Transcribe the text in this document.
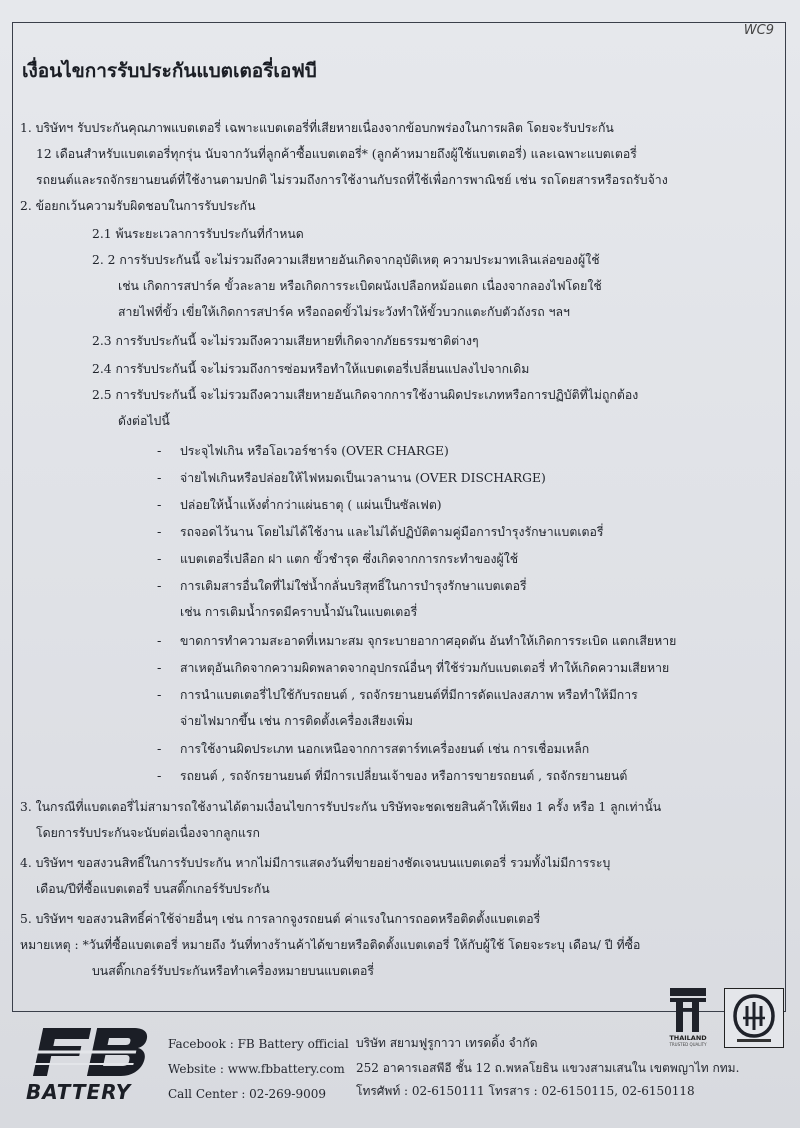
WC9
เงื่อนไขการรับประกันแบตเตอรี่เอฟบี
1. บริษัทฯ รับประกันคุณภาพแบตเตอรี่ เฉพาะแบตเตอรี่ที่เสียหายเนื่องจากข้อบกพร่องในการผลิต โดยจะรับประกัน
12 เดือนสำหรับแบตเตอรี่ทุกรุ่น นับจากวันที่ลูกค้าซื้อแบตเตอรี่* (ลูกค้าหมายถึงผู้ใช้แบตเตอรี่) และเฉพาะแบตเตอรี่
รถยนต์และรถจักรยานยนต์ที่ใช้งานตามปกติ ไม่รวมถึงการใช้งานกับรถที่ใช้เพื่อการพาณิชย์ เช่น รถโดยสารหรือรถรับจ้าง
2. ข้อยกเว้นความรับผิดชอบในการรับประกัน
2.1 พ้นระยะเวลาการรับประกันที่กำหนด
2. 2 การรับประกันนี้ จะไม่รวมถึงความเสียหายอันเกิดจากอุบัติเหตุ ความประมาทเลินเล่อของผู้ใช้
เช่น เกิดการสปาร์ค ขั้วละลาย หรือเกิดการระเบิดผนังเปลือกหม้อแตก เนื่องจากลองไฟโดยใช้
สายไฟที่ขั้ว เขี่ยให้เกิดการสปาร์ค หรือถอดขั้วไม่ระวังทำให้ขั้วบวกแตะกับตัวถังรถ ฯลฯ
2.3 การรับประกันนี้ จะไม่รวมถึงความเสียหายที่เกิดจากภัยธรรมชาติต่างๆ
2.4 การรับประกันนี้ จะไม่รวมถึงการซ่อมหรือทำให้แบตเตอรี่เปลี่ยนแปลงไปจากเดิม
2.5 การรับประกันนี้ จะไม่รวมถึงความเสียหายอันเกิดจากการใช้งานผิดประเภทหรือการปฏิบัติที่ไม่ถูกต้อง
ดังต่อไปนี้
- ประจุไฟเกิน หรือโอเวอร์ชาร์จ (OVER CHARGE)
- จ่ายไฟเกินหรือปล่อยให้ไฟหมดเป็นเวลานาน (OVER DISCHARGE)
- ปล่อยให้น้ำแห้งต่ำกว่าแผ่นธาตุ ( แผ่นเป็นซัลเฟต)
- รถจอดไว้นาน โดยไม่ได้ใช้งาน และไม่ได้ปฏิบัติตามคู่มือการบำรุงรักษาแบตเตอรี่
- แบตเตอรี่เปลือก ฝา แตก ขั้วชำรุด ซึ่งเกิดจากการกระทำของผู้ใช้
- การเติมสารอื่นใดที่ไม่ใช่น้ำกลั่นบริสุทธิ์ในการบำรุงรักษาแบตเตอรี่
เช่น การเติมน้ำกรดมีคราบน้ำมันในแบตเตอรี่
- ขาดการทำความสะอาดที่เหมาะสม จุกระบายอากาศอุดตัน อันทำให้เกิดการระเบิด แตกเสียหาย
- สาเหตุอันเกิดจากความผิดพลาดจากอุปกรณ์อื่นๆ ที่ใช้ร่วมกับแบตเตอรี่ ทำให้เกิดความเสียหาย
- การนำแบตเตอรี่ไปใช้กับรถยนต์ , รถจักรยานยนต์ที่มีการดัดแปลงสภาพ หรือทำให้มีการ
จ่ายไฟมากขึ้น เช่น การติดตั้งเครื่องเสียงเพิ่ม
- การใช้งานผิดประเภท นอกเหนือจากการสตาร์ทเครื่องยนต์ เช่น การเชื่อมเหล็ก
- รถยนต์ , รถจักรยานยนต์ ที่มีการเปลี่ยนเจ้าของ หรือการขายรถยนต์ , รถจักรยานยนต์
3. ในกรณีที่แบตเตอรี่ไม่สามารถใช้งานได้ตามเงื่อนไขการรับประกัน บริษัทจะชดเชยสินค้าให้เพียง 1 ครั้ง หรือ 1 ลูกเท่านั้น
โดยการรับประกันจะนับต่อเนื่องจากลูกแรก
4. บริษัทฯ ขอสงวนสิทธิ์ในการรับประกัน หากไม่มีการแสดงวันที่ขายอย่างชัดเจนบนแบตเตอรี่ รวมทั้งไม่มีการระบุ
เดือน/ปีที่ซื้อแบตเตอรี่ บนสติ๊กเกอร์รับประกัน
5. บริษัทฯ ขอสงวนสิทธิ์ค่าใช้จ่ายอื่นๆ เช่น การลากจูงรถยนต์ ค่าแรงในการถอดหรือติดตั้งแบตเตอรี่
หมายเหตุ : *วันที่ซื้อแบตเตอรี่ หมายถึง วันที่ทางร้านค้าได้ขายหรือติดตั้งแบตเตอรี่ ให้กับผู้ใช้ โดยจะระบุ เดือน/ ปี ที่ซื้อ
บนสติ๊กเกอร์รับประกันหรือทำเครื่องหมายบนแบตเตอรี่
BATTERY
Facebook : FB Battery official
Website : www.fbbattery.com
Call Center : 02-269-9009
บริษัท สยามฟูรูกาวา เทรดดิ้ง จำกัด
252 อาคารเอสพีอี ชั้น 12 ถ.พหลโยธิน แขวงสามเสนใน เขตพญาไท กทม.
โทรศัพท์ : 02-6150111 โทรสาร : 02-6150115, 02-6150118
THAILAND
TRUSTED QUALITY
